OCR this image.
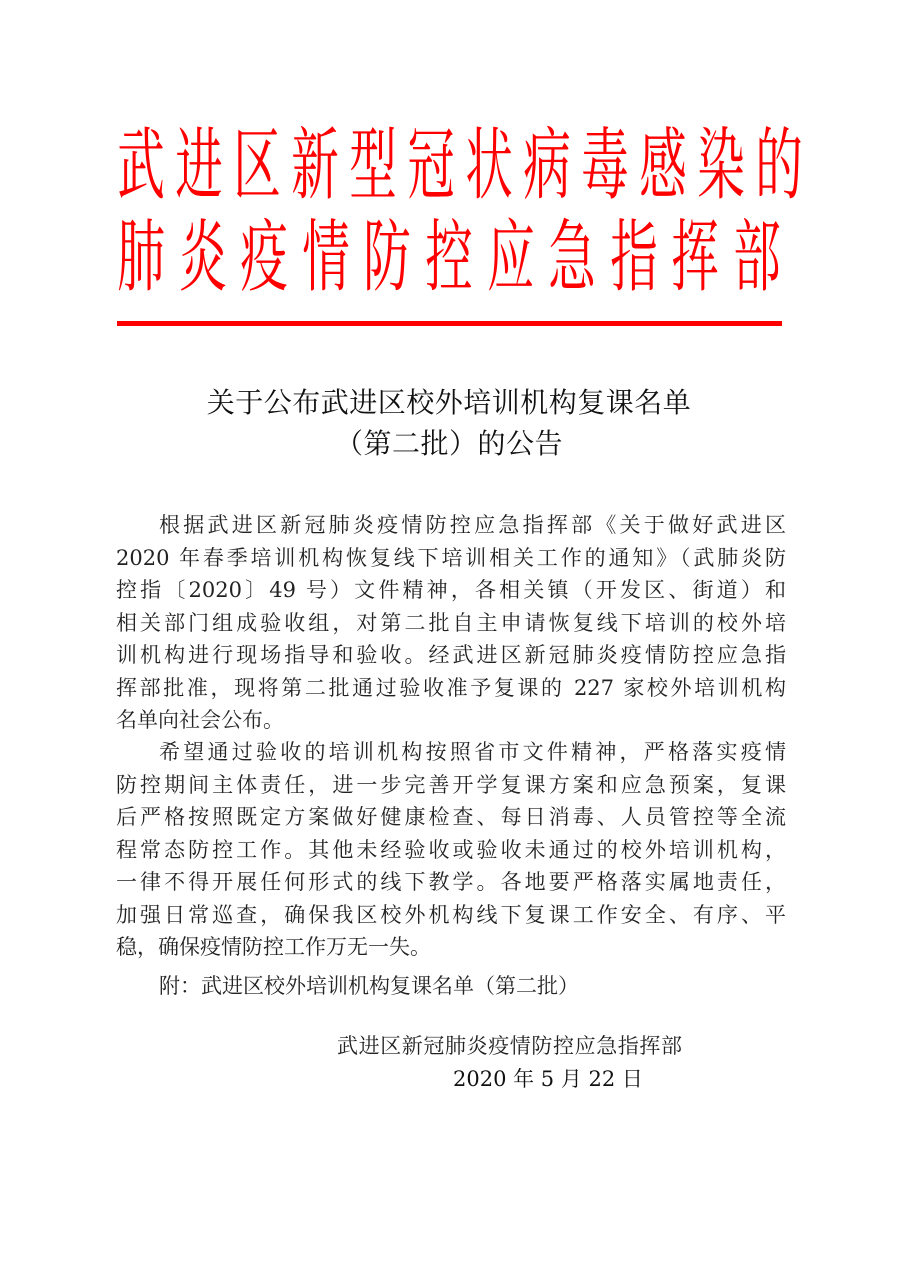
武 进 区 新 型 冠 状 病 毒 感 染 的
肺 炎 疫 情 防 控 应 急 指 挥 部
关于公布武进区校外培训机构复课名单
（第二批）的公告
根据武进区新冠肺炎疫情防控应急指挥部《关于做好武进区
2020 年春季培训机构恢复线下培训相关工作的通知》（武肺炎防
控指〔2020〕49 号）文件精神，各相关镇（开发区、街道）和
相关部门组成验收组，对第二批自主申请恢复线下培训的校外培
训机构进行现场指导和验收。经武进区新冠肺炎疫情防控应急指
挥部批准，现将第二批通过验收准予复课的 227 家校外培训机构
名单向社会公布。
希望通过验收的培训机构按照省市文件精神，严格落实疫情
防控期间主体责任，进一步完善开学复课方案和应急预案，复课
后严格按照既定方案做好健康检查、每日消毒、人员管控等全流
程常态防控工作。其他未经验收或验收未通过的校外培训机构，
一律不得开展任何形式的线下教学。各地要严格落实属地责任，
加强日常巡查，确保我区校外机构线下复课工作安全、有序、平
稳，确保疫情防控工作万无一失。
附：武进区校外培训机构复课名单（第二批）
武进区新冠肺炎疫情防控应急指挥部
2020 年 5 月 22 日
